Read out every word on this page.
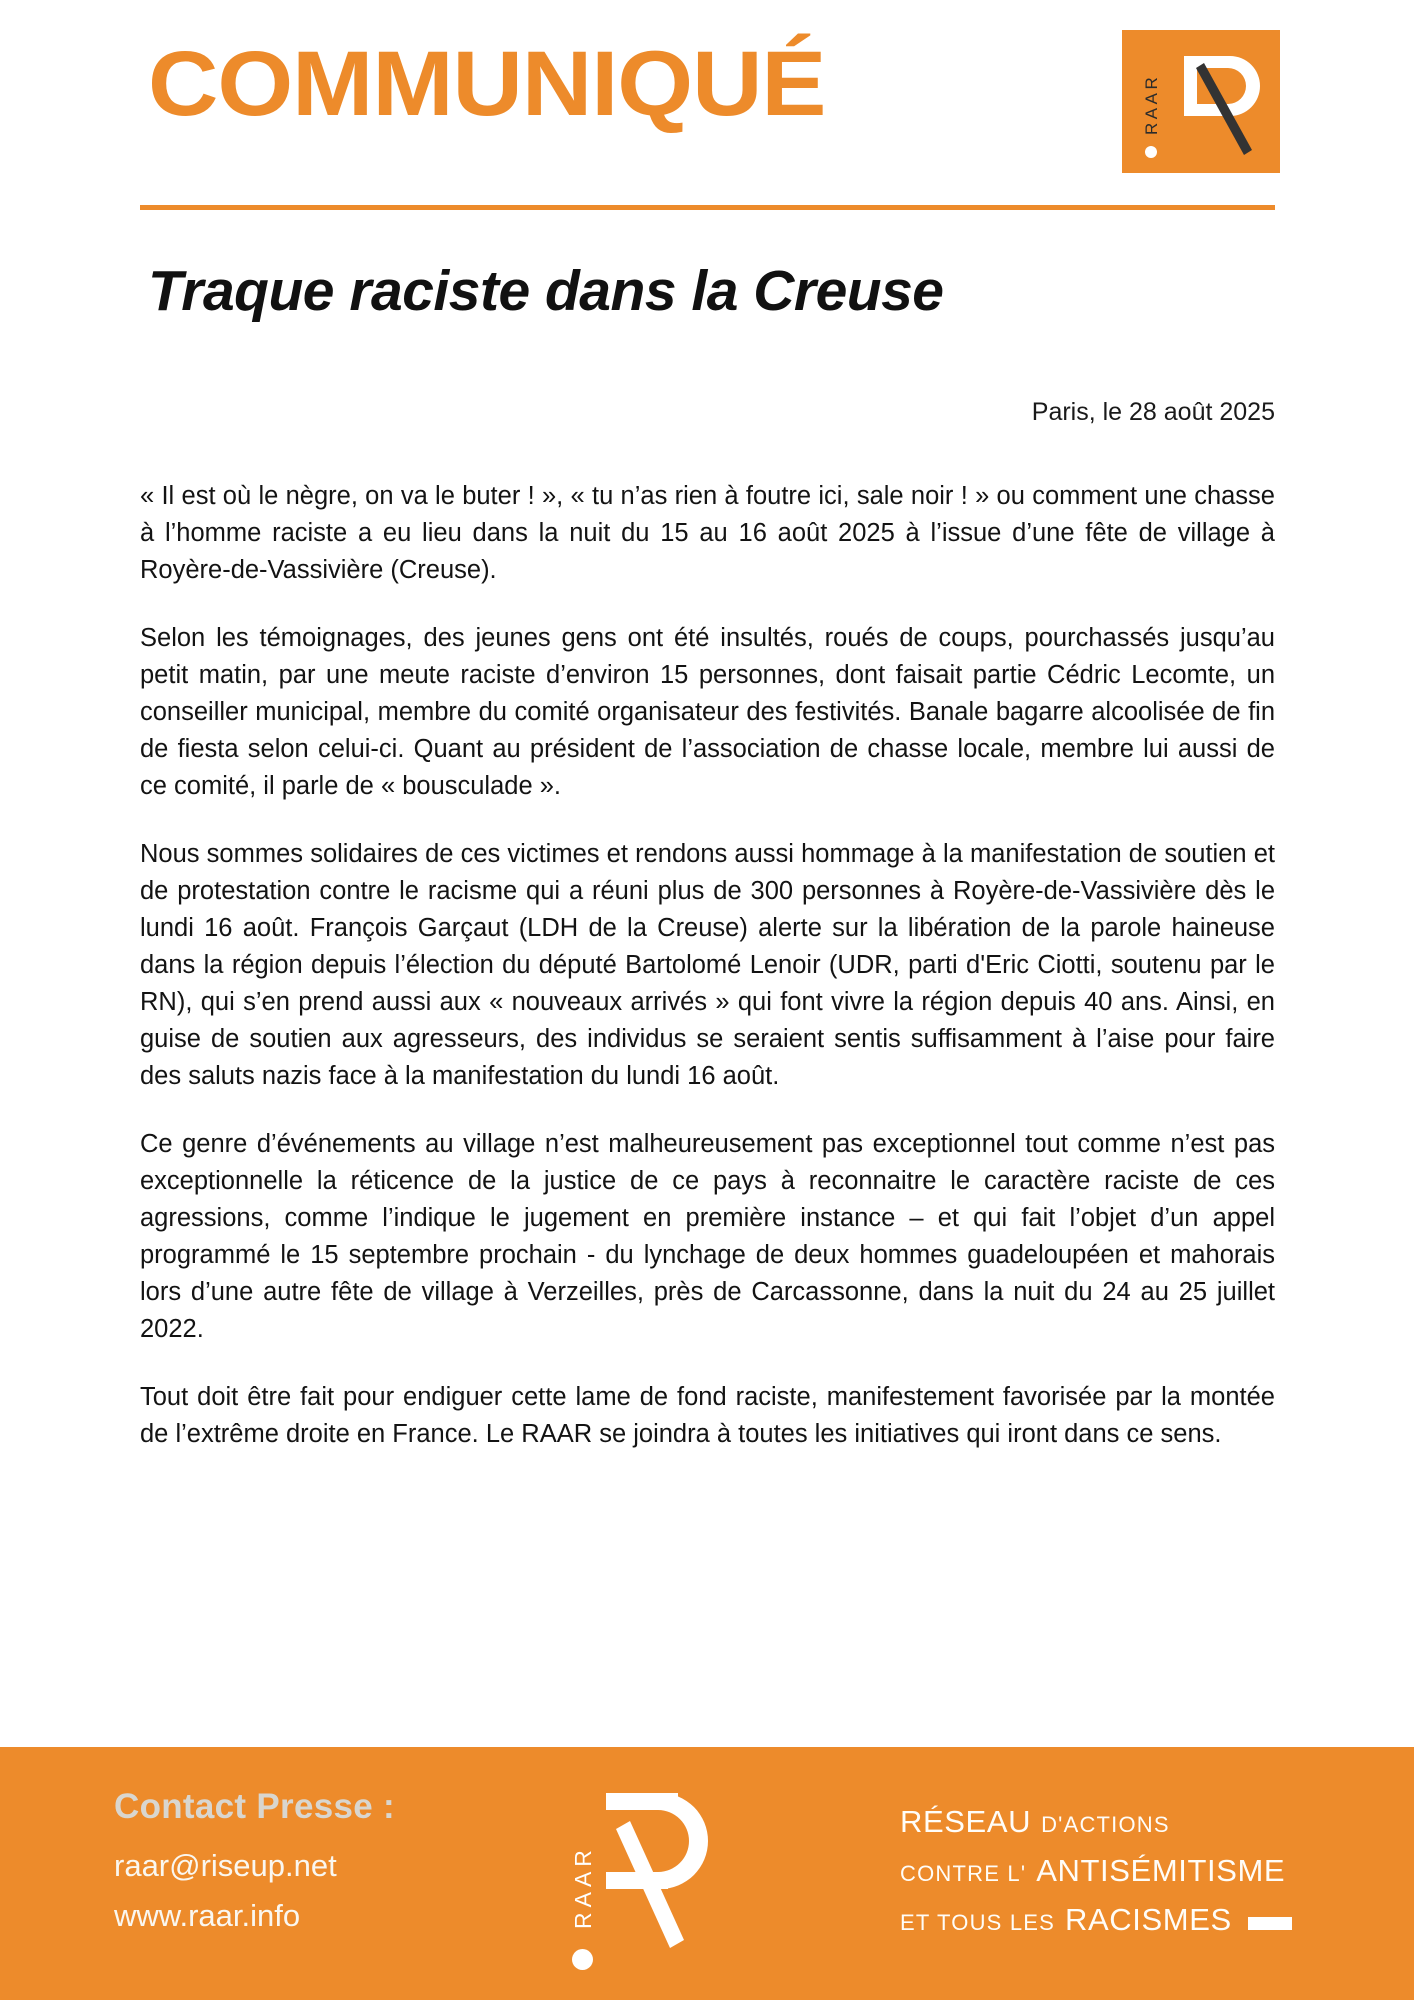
COMMUNIQUÉ	RAAR
Traque raciste dans la Creuse
Paris, le 28 août 2025

« Il est où le nègre, on va le buter ! », « tu n’as rien à foutre ici, sale noir ! » ou comment une chasse à l’homme raciste a eu lieu dans la nuit du 15 au 16 août 2025 à l’issue d’une fête de village à Royère-de-Vassivière (Creuse).

Selon les témoignages, des jeunes gens ont été insultés, roués de coups, pourchassés jusqu’au petit matin, par une meute raciste d’environ 15 personnes, dont faisait partie Cédric Lecomte, un conseiller municipal, membre du comité organisateur des festivités. Banale bagarre alcoolisée de fin de fiesta selon celui-ci. Quant au président de l’association de chasse locale, membre lui aussi de ce comité, il parle de « bousculade ».

Nous sommes solidaires de ces victimes et rendons aussi hommage à la manifestation de soutien et de protestation contre le racisme qui a réuni plus de 300 personnes à Royère-de-Vassivière dès le lundi 16 août. François Garçaut (LDH de la Creuse) alerte sur la libération de la parole haineuse dans la région depuis l’élection du député Bartolomé Lenoir (UDR, parti d'Eric Ciotti, soutenu par le RN), qui s’en prend aussi aux « nouveaux arrivés » qui font vivre la région depuis 40 ans. Ainsi, en guise de soutien aux agresseurs, des individus se seraient sentis suffisamment à l’aise pour faire des saluts nazis face à la manifestation du lundi 16 août.

Ce genre d’événements au village n’est malheureusement pas exceptionnel tout comme n’est pas exceptionnelle la réticence de la justice de ce pays à reconnaitre le caractère raciste de ces agressions, comme l’indique le jugement en première instance – et qui fait l’objet d’un appel programmé le 15 septembre prochain - du lynchage de deux hommes guadeloupéen et mahorais lors d’une autre fête de village à Verzeilles, près de Carcassonne, dans la nuit du 24 au 25 juillet 2022.

Tout doit être fait pour endiguer cette lame de fond raciste, manifestement favorisée par la montée de l’extrême droite en France. Le RAAR se joindra à toutes les initiatives qui iront dans ce sens.

Contact Presse :
raar@riseup.net
www.raar.info	RAAR
RÉSEAU D'ACTIONS
CONTRE L' ANTISÉMITISME
ET TOUS LES RACISMES
